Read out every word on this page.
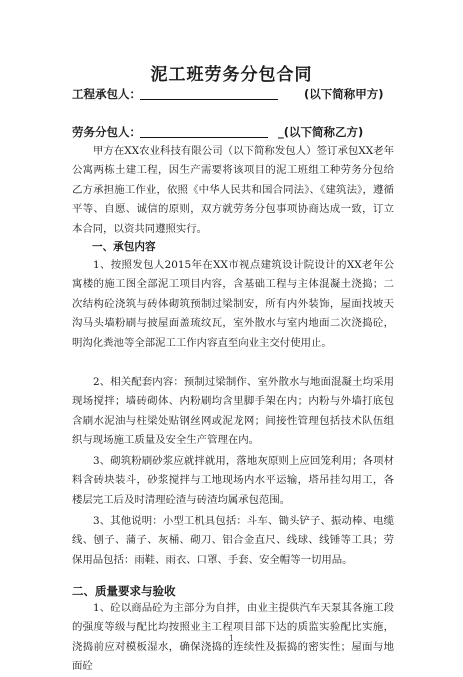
泥工班劳务分包合同
工程承包人：	(以下简称甲方)
劳务分包人：	_(以下简称乙方)
甲方在XX农业科技有限公司（以下简称发包人）签订承包XX老年公寓两栋土建工程，因生产需要将该项目的泥工班组工种劳务分包给乙方承担施工作业，依照《中华人民共和国合同法》、《建筑法》，遵循平等、自愿、诚信的原则，双方就劳务分包事项协商达成一致，订立本合同，以资共同遵照实行。
一、承包内容
1、按照发包人2015年在XX市视点建筑设计院设计的XX老年公寓楼的施工图全部泥工项目内容，含基础工程与主体混凝土浇捣；二次结构砼浇筑与砖体砌筑预制过梁制安，所有内外装饰，屋面找坡天沟马头墙粉刷与披屋面盖琉纹瓦，室外散水与室内地面二次浇捣砼，明沟化粪池等全部泥工工作内容直至向业主交付使用止。
2、相关配套内容：预制过梁制作、室外散水与地面混凝土均采用现场搅拌；墙砖砌体、内粉刷均含里脚手架在内；内粉与外墙打底包含刷水泥油与柱梁处贴钢丝网或泥龙网；间接性管理包括技术队伍组织与现场施工质量及安全生产管理在内。
3、砌筑粉刷砂浆应就拌就用，落地灰原则上应回笼利用；各项材料含砖块装斗，砂浆搅拌与工地现场内水平运输，塔吊挂勾用工，各楼层完工后及时清理砼渣与砖渣均属承包范围。
3、其他说明：小型工机具包括：斗车、锄头铲子、振动棒、电缆线、刨子、蒲子、灰桶、砌刀、铝合金直尺、线球、线锤等工具；劳保用品包括：雨鞋、雨衣、口罩、手套、安全帽等一切用品。
二、质量要求与验收
1、砼以商品砼为主部分为自拌，由业主提供汽车天泵其各施工段的强度等级与配比均按照业主工程项目部下达的质监实验配比实施，浇捣前应对模板湿水，确保浇捣的连续性及振捣的密实性；屋面与地面砼
1
